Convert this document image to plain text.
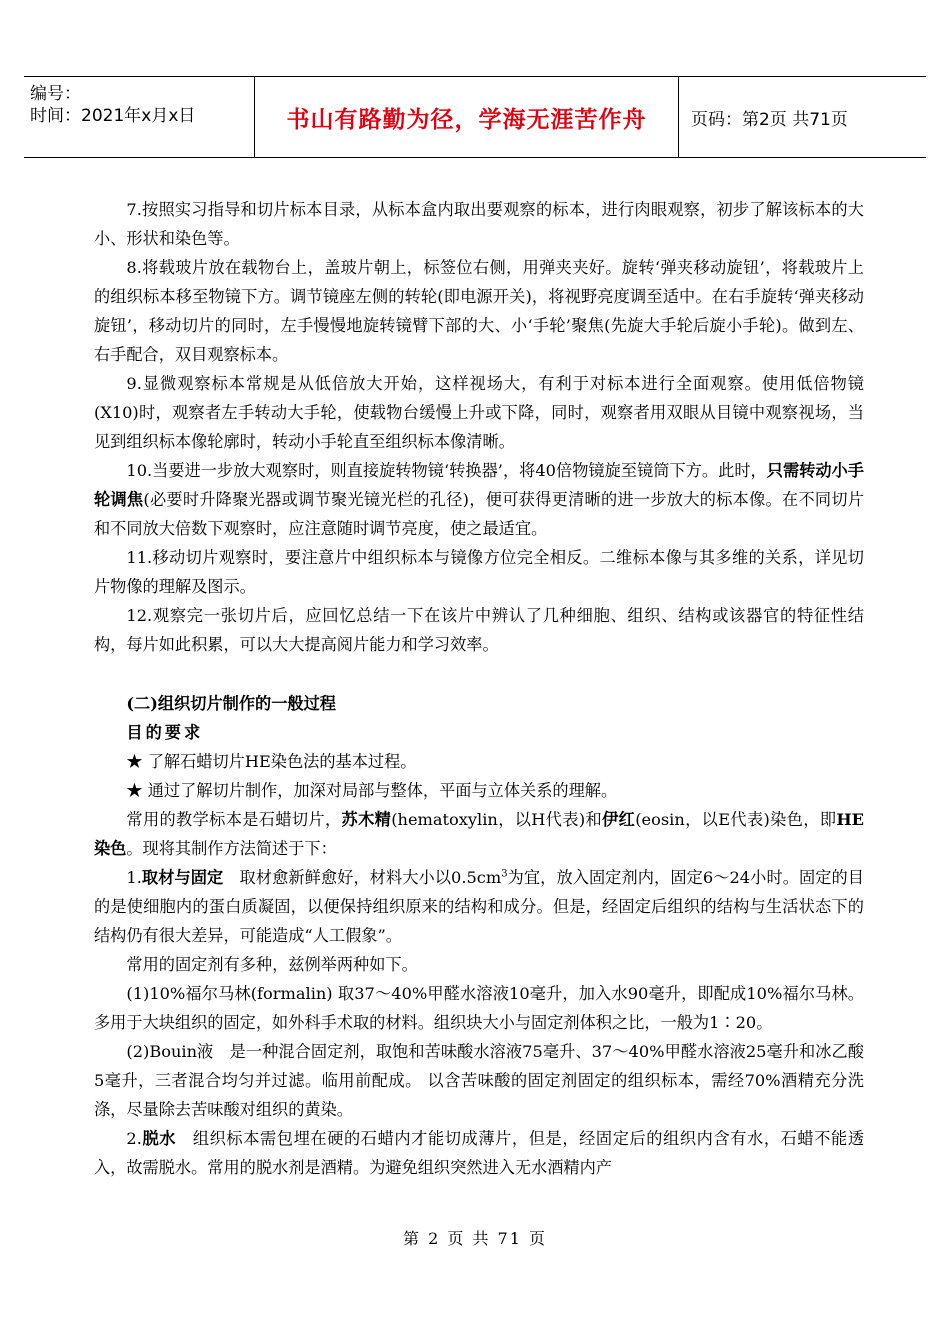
编号：
时间：2021年x月x日	书山有路勤为径，学海无涯苦作舟	页码：第2页 共71页

7.按照实习指导和切片标本目录，从标本盒内取出要观察的标本，进行肉眼观察，初步了解该标本的大小、形状和染色等。

8.将载玻片放在载物台上，盖玻片朝上，标签位右侧，用弹夹夹好。旋转‘弹夹移动旋钮’，将载玻片上的组织标本移至物镜下方。调节镜座左侧的转轮(即电源开关)，将视野亮度调至适中。在右手旋转‘弹夹移动旋钮’，移动切片的同时，左手慢慢地旋转镜臂下部的大、小‘手轮’聚焦(先旋大手轮后旋小手轮)。做到左、右手配合，双目观察标本。

9.显微观察标本常规是从低倍放大开始，这样视场大，有利于对标本进行全面观察。使用低倍物镜(X10)时，观察者左手转动大手轮，使载物台缓慢上升或下降，同时，观察者用双眼从目镜中观察视场，当见到组织标本像轮廓时，转动小手轮直至组织标本像清晰。

10.当要进一步放大观察时，则直接旋转物镜‘转换器’，将40倍物镜旋至镜筒下方。此时，只需转动小手轮调焦(必要时升降聚光器或调节聚光镜光栏的孔径)，便可获得更清晰的进一步放大的标本像。在不同切片和不同放大倍数下观察时，应注意随时调节亮度，使之最适宜。

11.移动切片观察时，要注意片中组织标本与镜像方位完全相反。二维标本像与其多维的关系，详见切片物像的理解及图示。

12.观察完一张切片后，应回忆总结一下在该片中辨认了几种细胞、组织、结构或该器官的特征性结构，每片如此积累，可以大大提高阅片能力和学习效率。

(二)组织切片制作的一般过程

目的要求

★ 了解石蜡切片HE染色法的基本过程。

★ 通过了解切片制作，加深对局部与整体，平面与立体关系的理解。

常用的教学标本是石蜡切片，苏木精(hematoxylin，以H代表)和伊红(eosin，以E代表)染色，即HE染色。现将其制作方法简述于下：

1.取材与固定　取材愈新鲜愈好，材料大小以$0.5cm^3$为宜，放入固定剂内，固定6～24小时。固定的目的是使细胞内的蛋白质凝固，以便保持组织原来的结构和成分。但是，经固定后组织的结构与生活状态下的结构仍有很大差异，可能造成“人工假象”。

常用的固定剂有多种，兹例举两种如下。

(1)10%福尔马林(formalin) 取37～40%甲醛水溶液10毫升，加入水90毫升，即配成10%福尔马林。多用于大块组织的固定，如外科手术取的材料。组织块大小与固定剂体积之比，一般为1∶20。

(2)Bouin液　是一种混合固定剂，取饱和苦味酸水溶液75毫升、37～40%甲醛水溶液25毫升和冰乙酸5毫升，三者混合均匀并过滤。临用前配成。 以含苦味酸的固定剂固定的组织标本，需经70%酒精充分洗涤，尽量除去苦味酸对组织的黄染。

2.脱水　组织标本需包埋在硬的石蜡内才能切成薄片，但是，经固定后的组织内含有水，石蜡不能透入，故需脱水。常用的脱水剂是酒精。为避免组织突然进入无水酒精内产

第 2 页 共 71 页
